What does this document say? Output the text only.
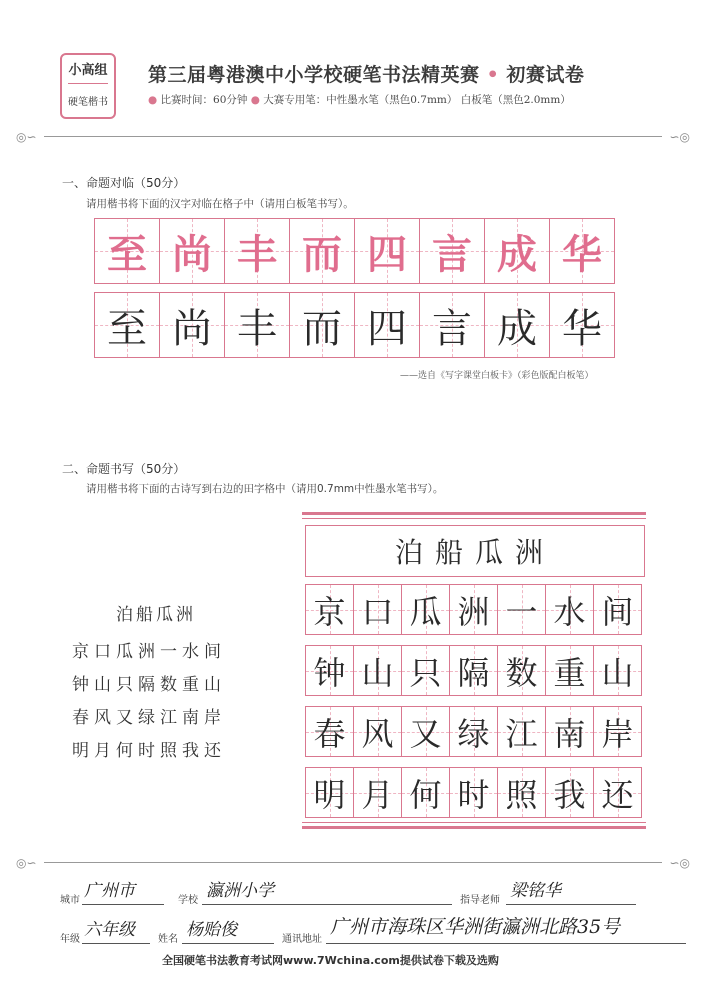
小高组
硬笔楷书
第三届粤港澳中小学校硬笔书法精英赛 • 初赛试卷
● 比赛时间：60分钟 ● 大赛专用笔：中性墨水笔（黑色0.7mm） 白板笔（黑色2.0mm）
◎∽	∽◎
一、命题对临（50分）
请用楷书将下面的汉字对临在格子中（请用白板笔书写）。
至 尚 丰 而 四 言 成 华
至 尚 丰 而 四 言 成 华
——选自《写字课堂白板卡》（彩色版配白板笔）
二、命题书写（50分）
请用楷书将下面的古诗写到右边的田字格中（请用0.7mm中性墨水笔书写）。
泊船瓜洲
京口瓜洲一水间
钟山只隔数重山
春风又绿江南岸
明月何时照我还
泊船瓜洲
京 口 瓜 洲 一 水 间
钟 山 只 隔 数 重 山
春 风 又 绿 江 南 岸
明 月 何 时 照 我 还
◎∽	∽◎
城市 广州市	学校 瀛洲小学	指导老师 梁铭华
年级 六年级 姓名 杨贻俊	通讯地址
广州市海珠区华洲街瀛洲北路35号
全国硬笔书法教育考试网www.7Wchina.com提供试卷下载及选购
